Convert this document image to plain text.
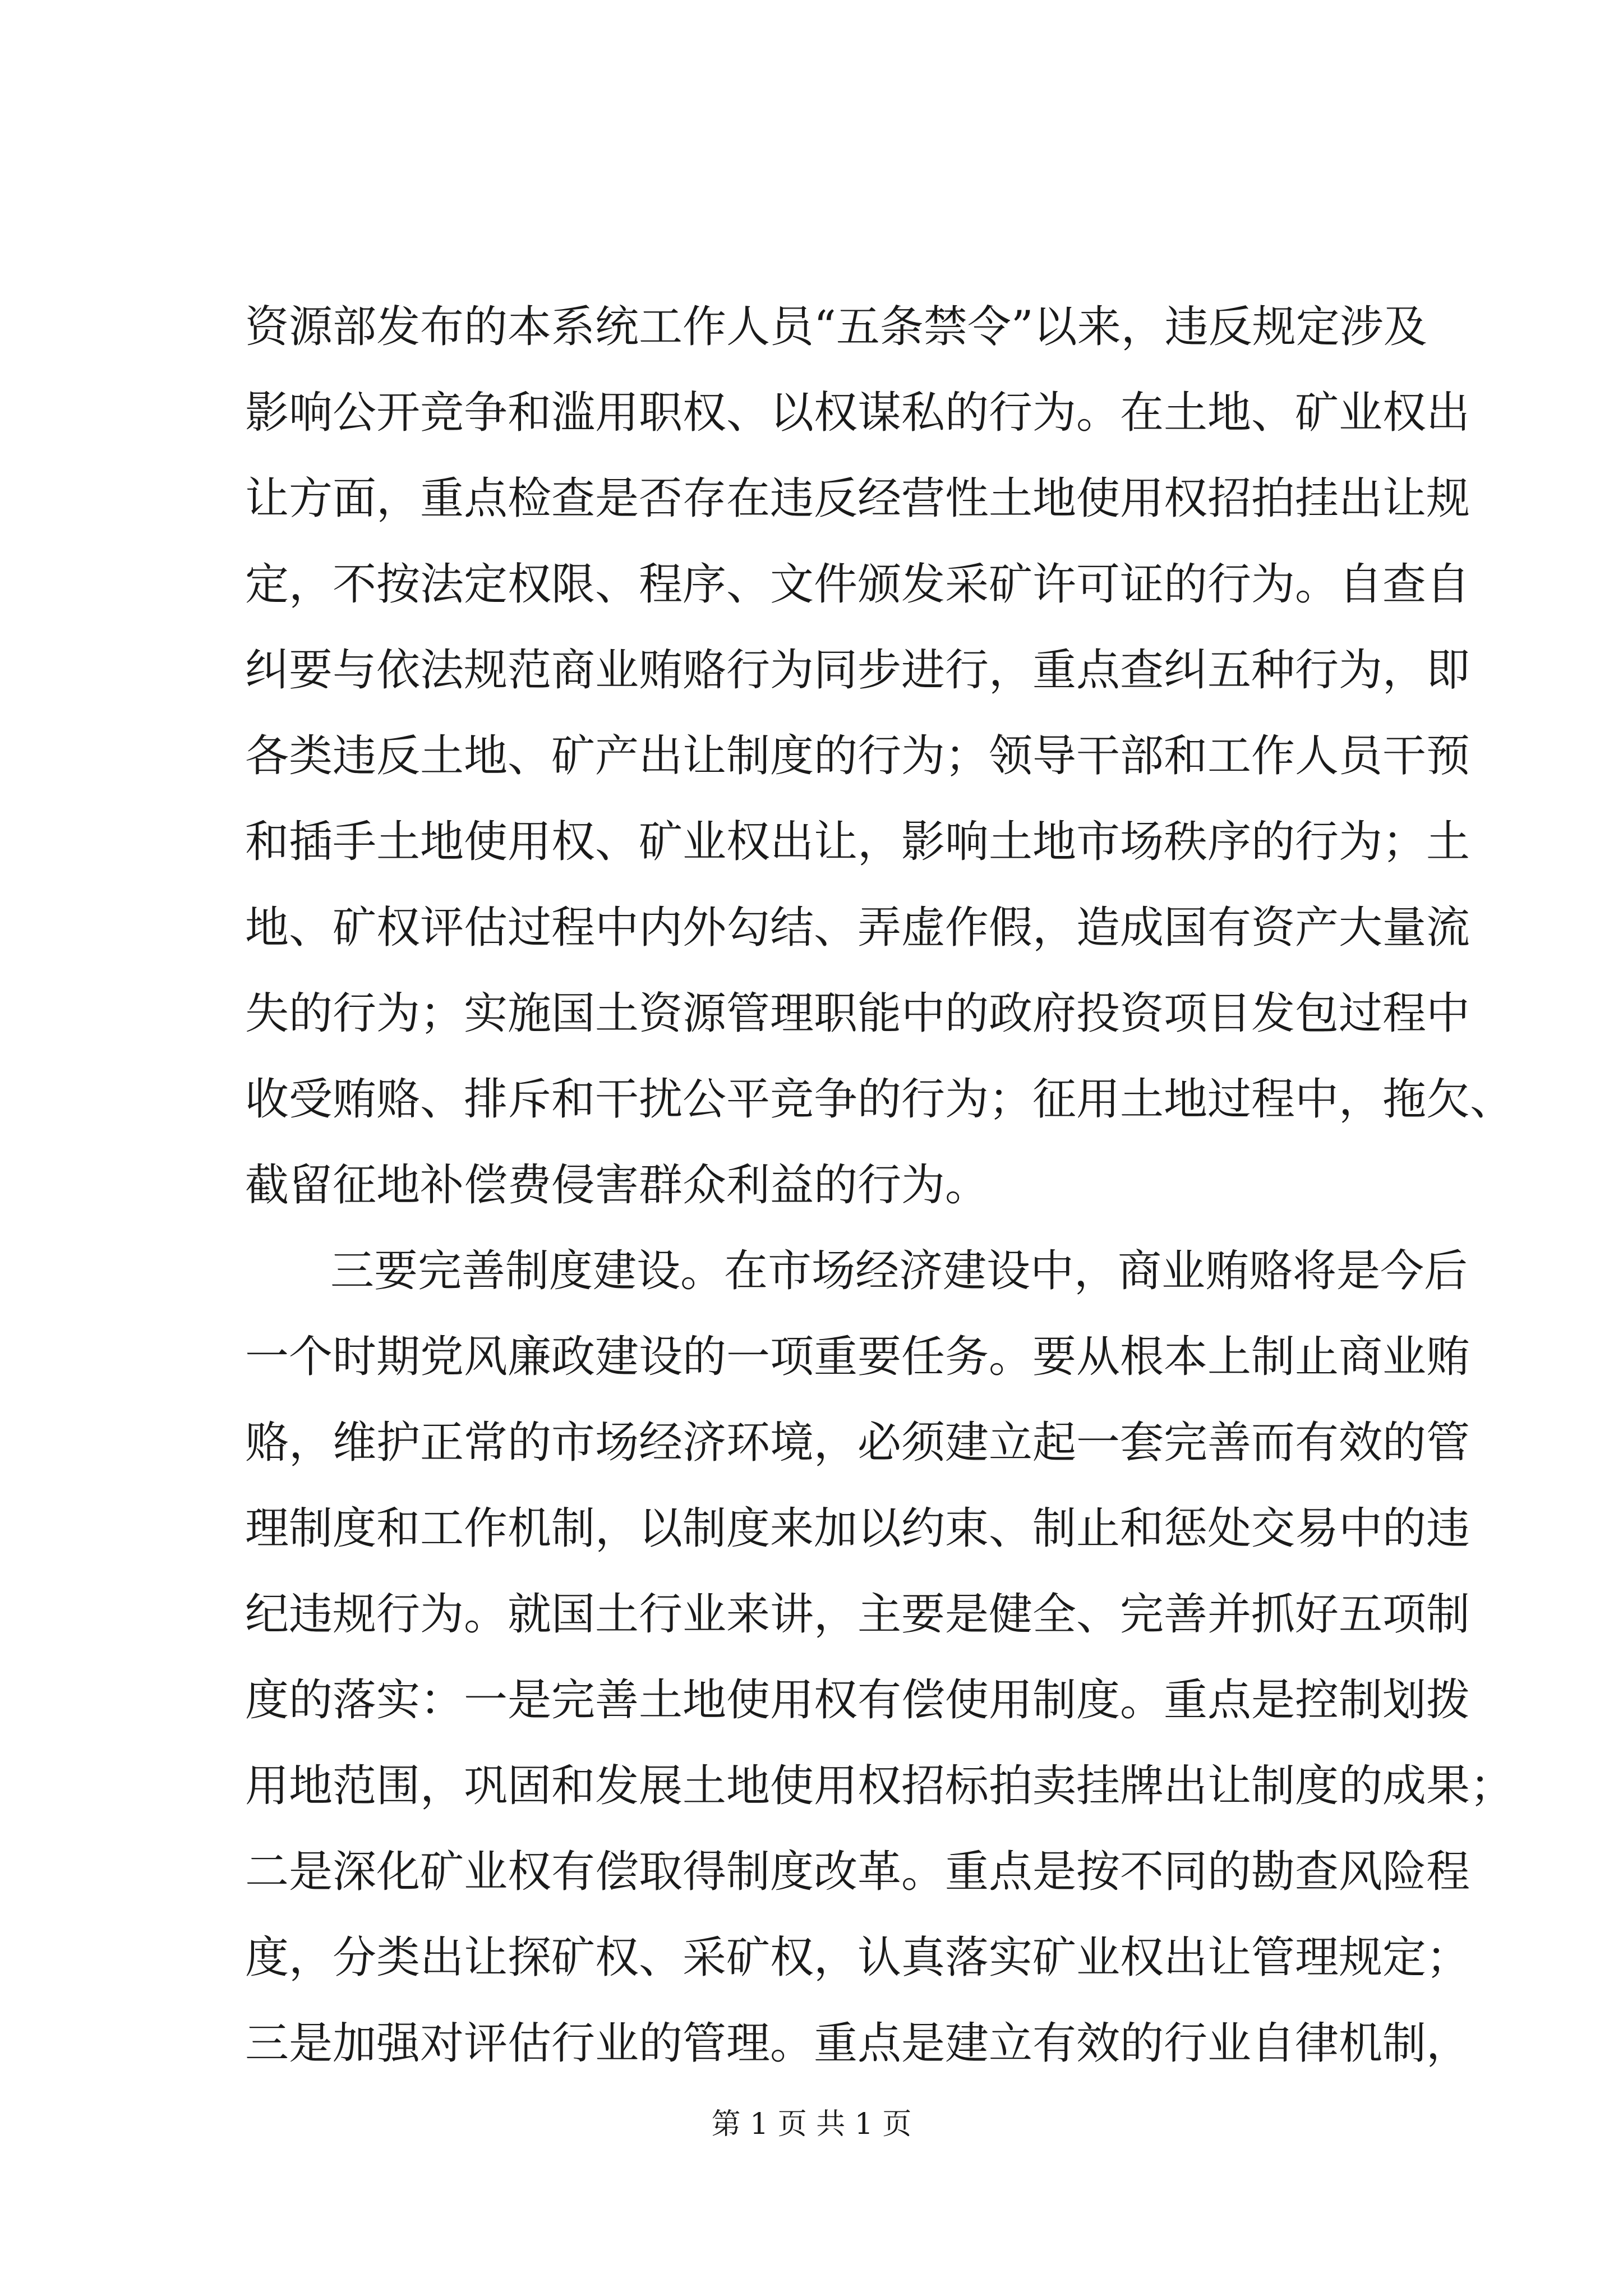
资源部发布的本系统工作人员“五条禁令”以来，违反规定涉及
影响公开竞争和滥用职权、以权谋私的行为。在土地、矿业权出
让方面，重点检查是否存在违反经营性土地使用权招拍挂出让规
定，不按法定权限、程序、文件颁发采矿许可证的行为。自查自
纠要与依法规范商业贿赂行为同步进行，重点查纠五种行为，即
各类违反土地、矿产出让制度的行为；领导干部和工作人员干预
和插手土地使用权、矿业权出让，影响土地市场秩序的行为；土
地、矿权评估过程中内外勾结、弄虚作假，造成国有资产大量流
失的行为；实施国土资源管理职能中的政府投资项目发包过程中
收受贿赂、排斥和干扰公平竞争的行为；征用土地过程中，拖欠、
截留征地补偿费侵害群众利益的行为。
三要完善制度建设。在市场经济建设中，商业贿赂将是今后
一个时期党风廉政建设的一项重要任务。要从根本上制止商业贿
赂，维护正常的市场经济环境，必须建立起一套完善而有效的管
理制度和工作机制，以制度来加以约束、制止和惩处交易中的违
纪违规行为。就国土行业来讲，主要是健全、完善并抓好五项制
度的落实：一是完善土地使用权有偿使用制度。重点是控制划拨
用地范围，巩固和发展土地使用权招标拍卖挂牌出让制度的成果；
二是深化矿业权有偿取得制度改革。重点是按不同的勘查风险程
度，分类出让探矿权、采矿权，认真落实矿业权出让管理规定；
三是加强对评估行业的管理。重点是建立有效的行业自律机制，
第 1 页 共 1 页
